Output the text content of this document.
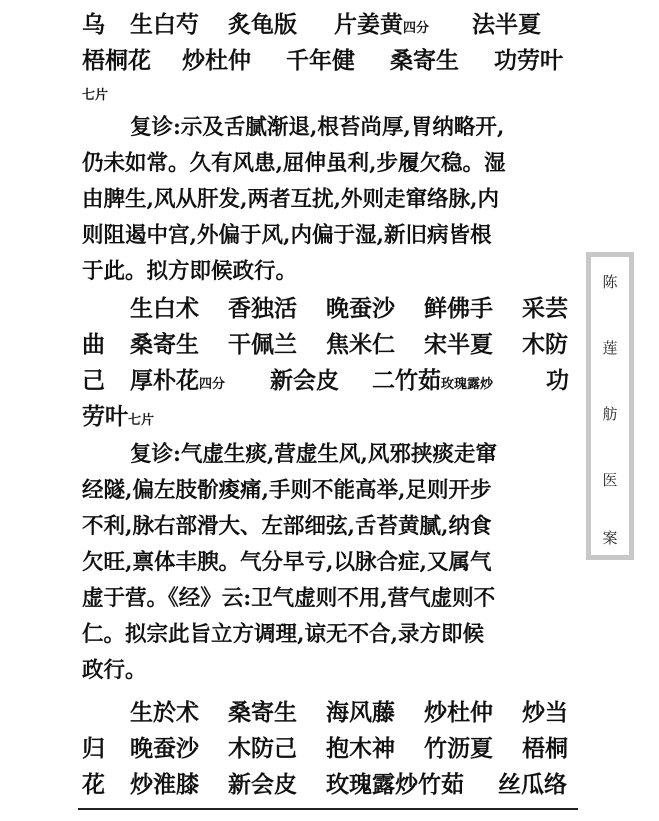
乌 生白芍 炙龟版 片姜黄四分 法半夏
梧桐花 炒杜仲 千年健 桑寄生 功劳叶
七片
复诊:示及舌腻渐退,根苔尚厚,胃纳略开,
仍未如常。久有风患,屈伸虽利,步履欠稳。湿
由脾生,风从肝发,两者互扰,外则走窜络脉,内
则阻遏中宫,外偏于风,内偏于湿,新旧病皆根
于此。拟方即候政行。
生白术 香独活 晚蚕沙 鲜佛手 采芸
曲 桑寄生 干佩兰 焦米仁 宋半夏 木防
己 厚朴花四分 新会皮 二竹茹玫瑰露炒 功
劳叶七片
复诊:气虚生痰,营虚生风,风邪挟痰走窜
经隧,偏左肢骱痠痛,手则不能高举,足则开步
不利,脉右部滑大、左部细弦,舌苔黄腻,纳食
欠旺,禀体丰腴。气分早亏,以脉合症,又属气
虚于营。《经》云:卫气虚则不用,营气虚则不
仁。拟宗此旨立方调理,谅无不合,录方即候
政行。
生於术 桑寄生 海风藤 炒杜仲 炒当
归 晚蚕沙 木防己 抱木神 竹沥夏 梧桐
花 炒淮膝 新会皮 玫瑰露炒竹茹 丝瓜络
陈
莲
舫
医
案
